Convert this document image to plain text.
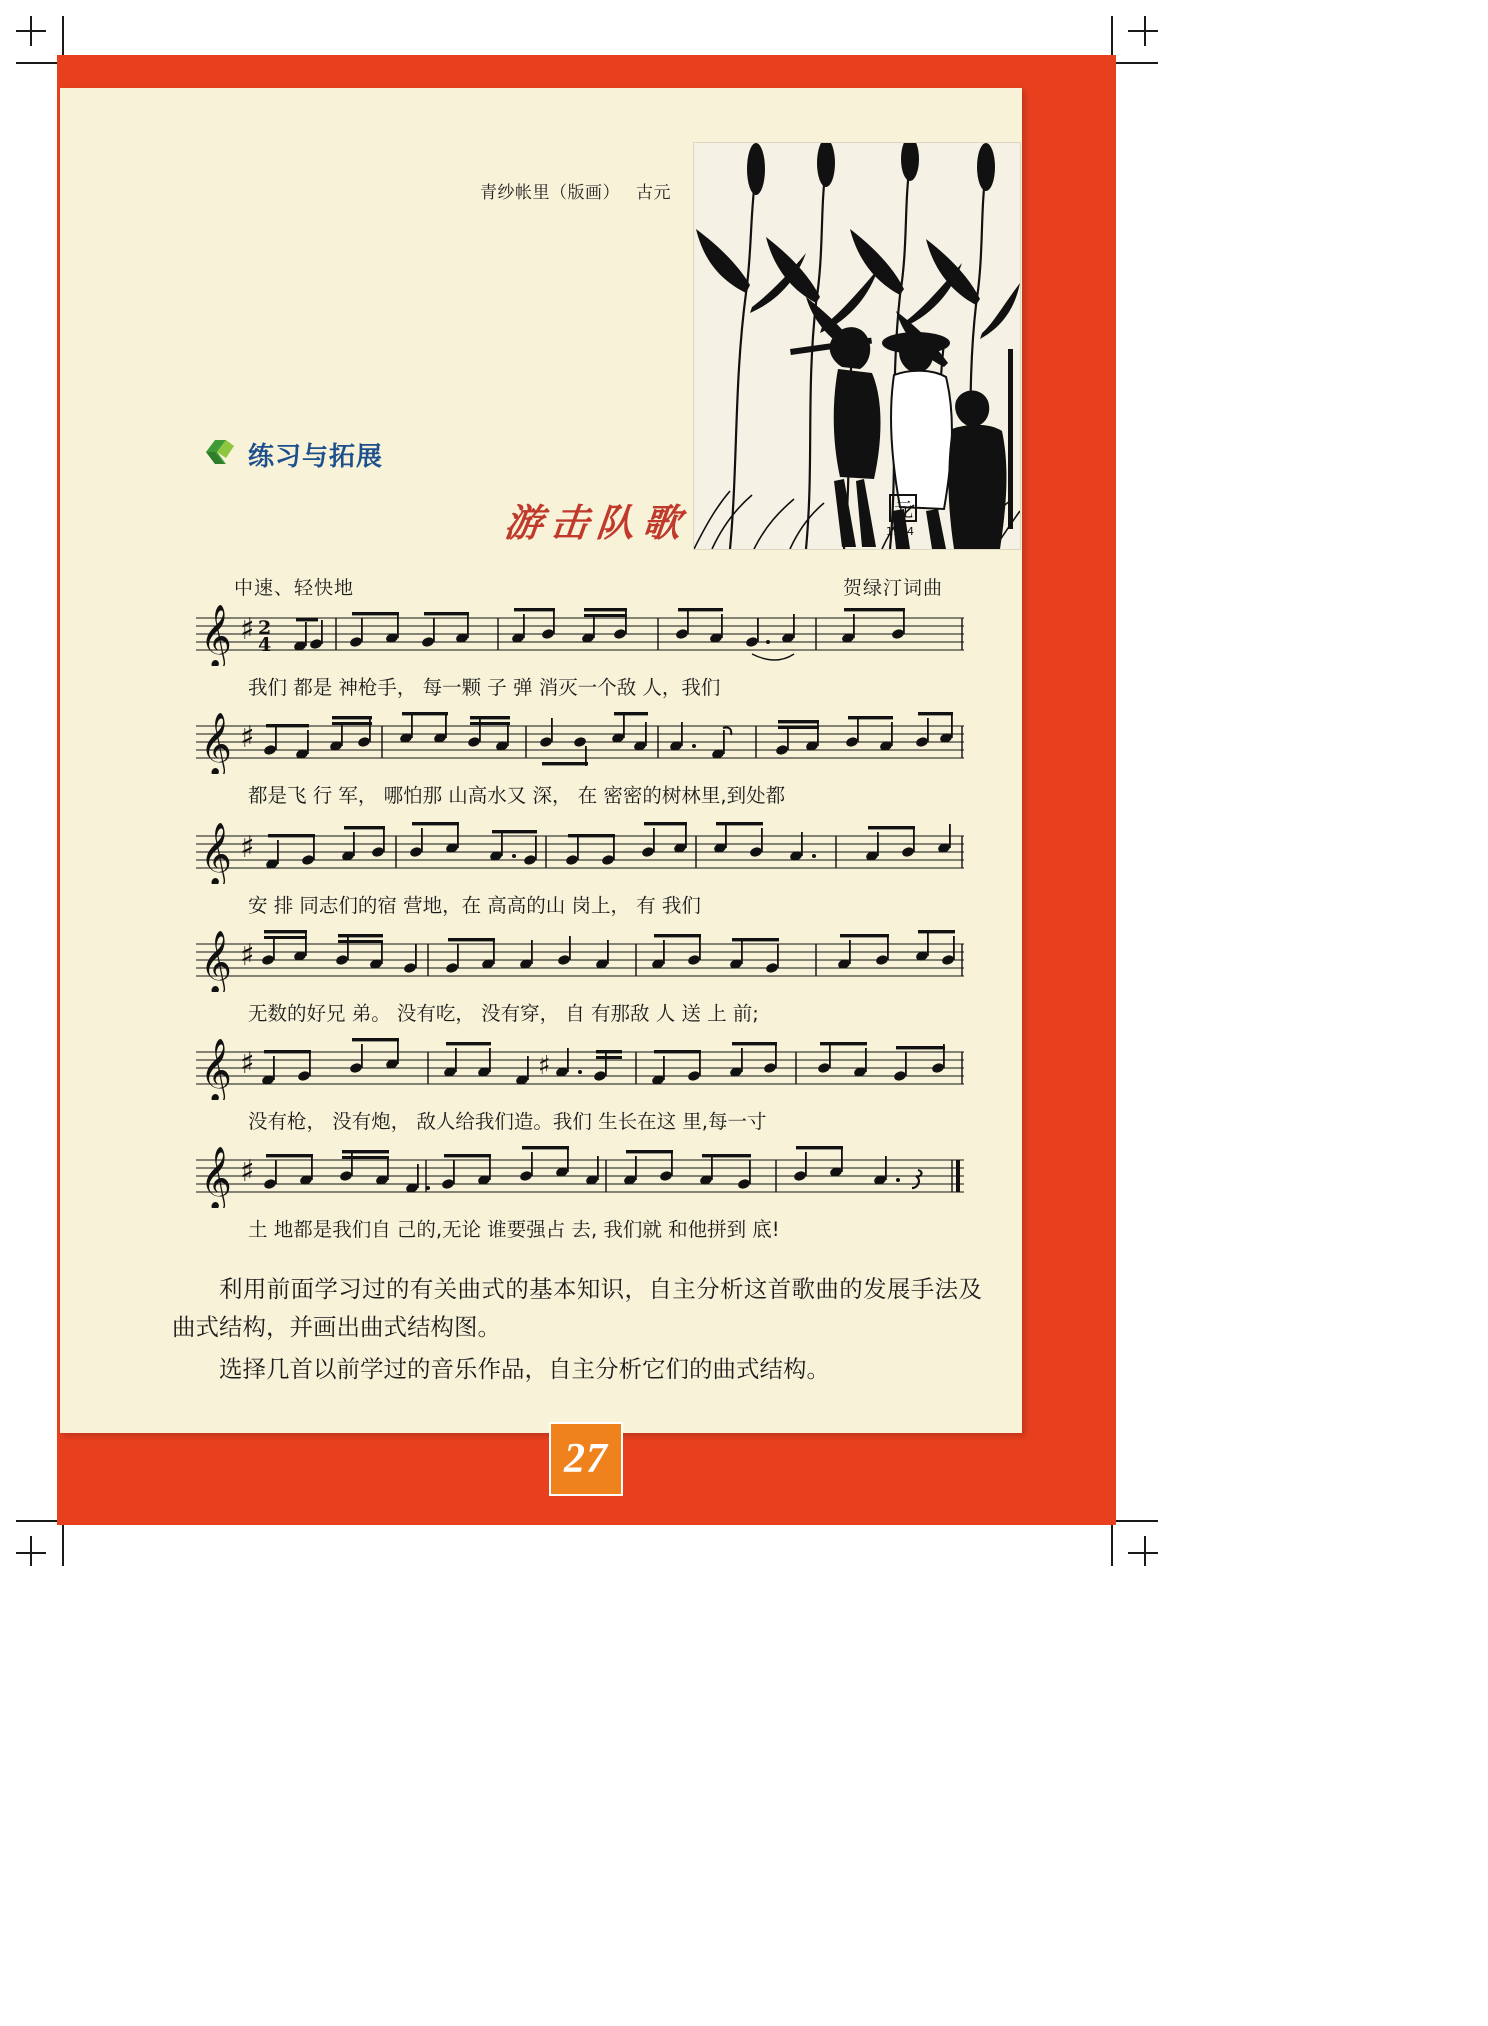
青纱帐里（版画） 古元
元
1944
练习与拓展
游击队歌
中速、轻快地	贺绿汀词曲
𝄞 ♯ 2
4
我们 都是 神枪手， 每一颗 子 弹 消灭一个敌 人，我们
𝄞 ♯
都是飞 行 军， 哪怕那 山高水又 深， 在 密密的树林里,到处都
𝄞 ♯
安 排 同志们的宿 营地，在 高高的山 岗上， 有 我们
𝄞 ♯
无数的好兄 弟。 没有吃， 没有穿， 自 有那敌 人 送 上 前;
𝄞 ♯	♯
没有枪， 没有炮， 敌人给我们造。我们 生长在这 里,每一寸
𝄞 ♯
土 地都是我们自 己的,无论 谁要强占 去, 我们就 和他拼到 底!

利用前面学习过的有关曲式的基本知识，自主分析这首歌曲的发展手法及曲式结构，并画出曲式结构图。

选择几首以前学过的音乐作品，自主分析它们的曲式结构。

27
